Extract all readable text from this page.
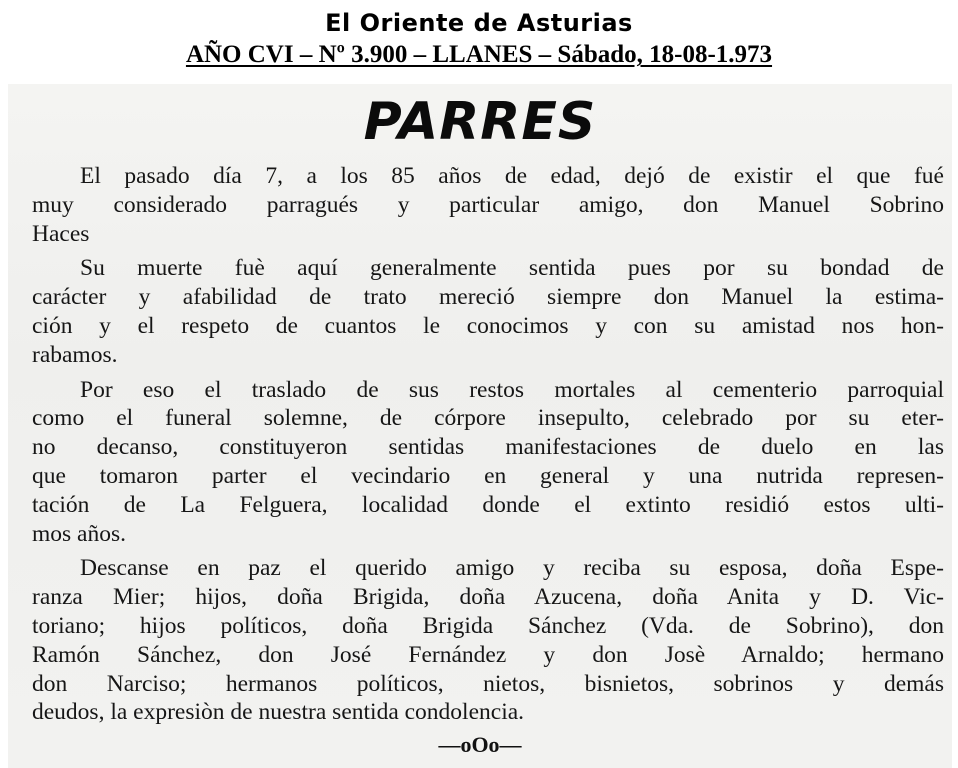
El Oriente de Asturias
AÑO CVI – Nº 3.900 – LLANES – Sábado, 18-08-1.973
PARRES

El pasado día 7, a los 85 años de edad, dejó de existir el que fué
muy considerado parragués y particular amigo, don Manuel Sobrino
Haces

Su muerte fuè aquí generalmente sentida pues por su bondad de
carácter y afabilidad de trato mereció siempre don Manuel la estima-
ción y el respeto de cuantos le conocimos y con su amistad nos hon-
rabamos.

Por eso el traslado de sus restos mortales al cementerio parroquial
como el funeral solemne, de córpore insepulto, celebrado por su eter-
no decanso, constituyeron sentidas manifestaciones de duelo en las
que tomaron parter el vecindario en general y una nutrida represen-
tación de La Felguera, localidad donde el extinto residió estos ulti-
mos años.

Descanse en paz el querido amigo y reciba su esposa, doña Espe-
ranza Mier; hijos, doña Brigida, doña Azucena, doña Anita y D. Vic-
toriano; hijos políticos, doña Brigida Sánchez (Vda. de Sobrino), don
Ramón Sánchez, don José Fernández y don Josè Arnaldo; hermano
don Narciso; hermanos políticos, nietos, bisnietos, sobrinos y demás
deudos, la expresiòn de nuestra sentida condolencia.

—oOo—
